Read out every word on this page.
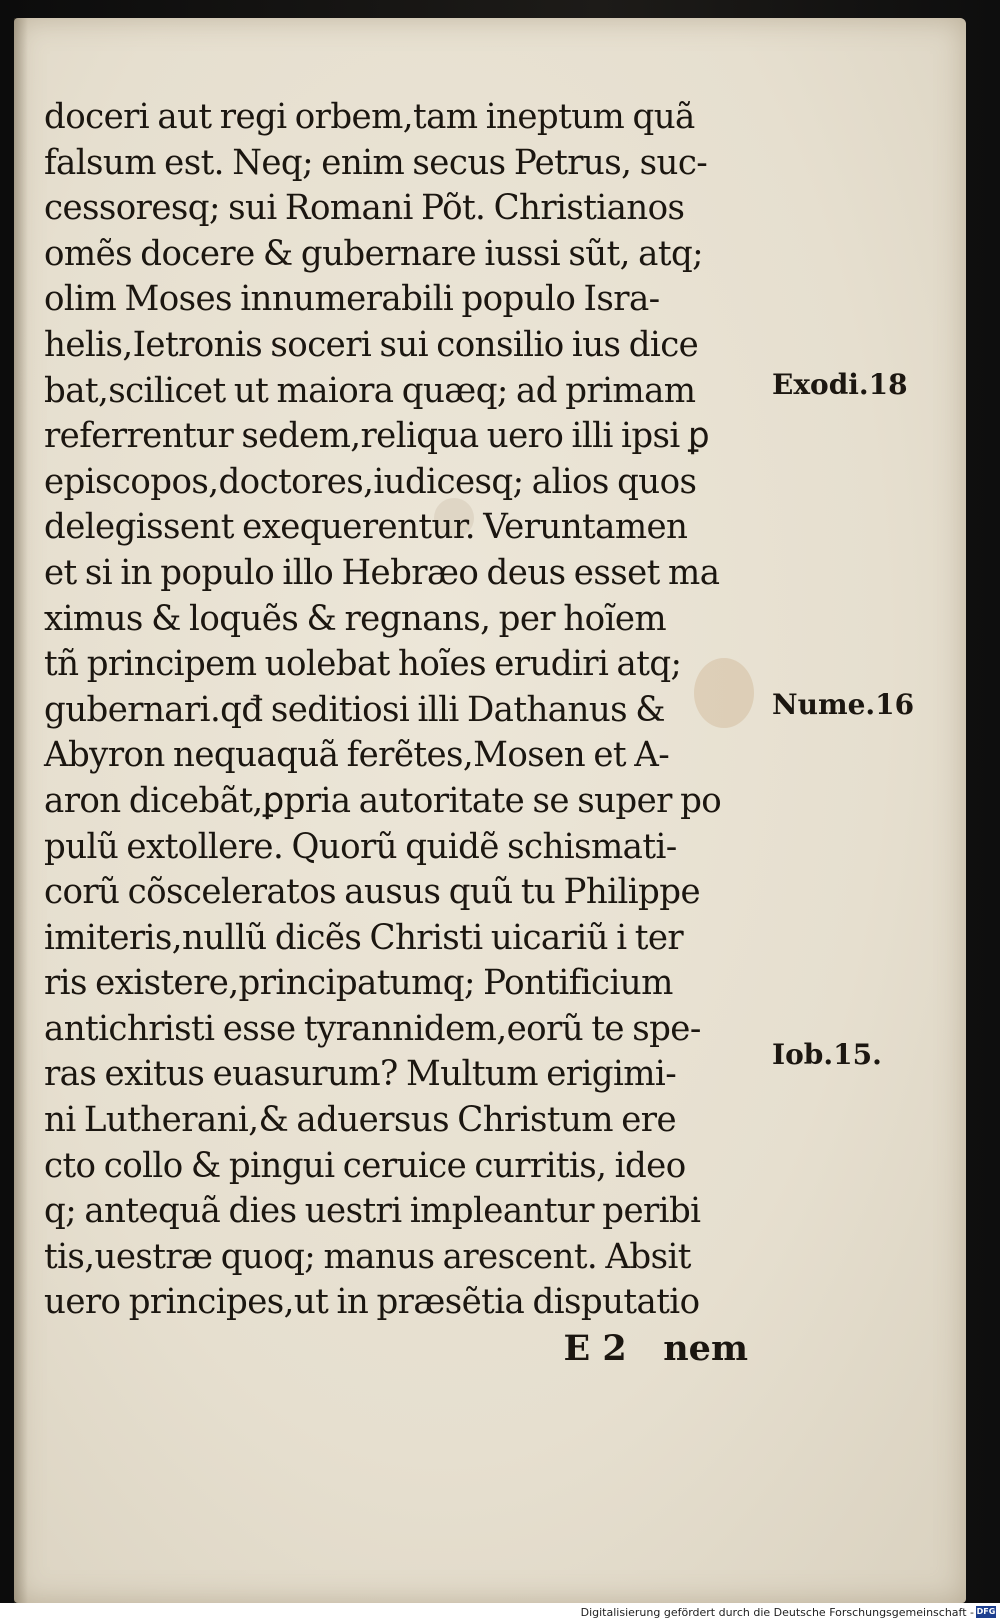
doceri aut regi orbem,tam ineptum quã
falsum est. Neq; enim secus Petrus, suc-
cessoresq; sui Romani Põt. Christianos
omẽs docere & gubernare iussi sũt, atq;
olim Moses innumerabili populo Isra-
helis,Ietronis soceri sui consilio ius dice
bat,scilicet ut maiora quæq; ad primam
referrentur sedem,reliqua uero illi ipsi ꝑ
episcopos,doctores,iudicesq; alios quos
delegissent exequerentur. Veruntamen
et si in populo illo Hebræo deus esset ma
ximus & loquẽs & regnans, per hoĩem
tñ principem uolebat hoĩes erudiri atq;
gubernari.qđ seditiosi illi Dathanus &
Abyron nequaquã ferẽtes,Mosen et A-
aron dicebãt,ꝑpria autoritate se super po
pulũ extollere. Quorũ quidẽ schismati-
corũ cõsceleratos ausus quũ tu Philippe
imiteris,nullũ dicẽs Christi uicariũ i ter
ris existere,principatumq; Pontificium
antichristi esse tyrannidem,eorũ te spe-
ras exitus euasurum? Multum erigimi-
ni Lutherani,& aduersus Christum ere
cto collo & pingui ceruice curritis, ideo
q; antequã dies uestri impleantur peribi
tis,uestræ quoq; manus arescent. Absit
uero principes,ut in præsẽtia disputatio
E 2   nem
Exodi.18
Nume.16
Iob.15.
Digitalisierung gefördert durch die Deutsche Forschungsgemeinschaft - DFG
